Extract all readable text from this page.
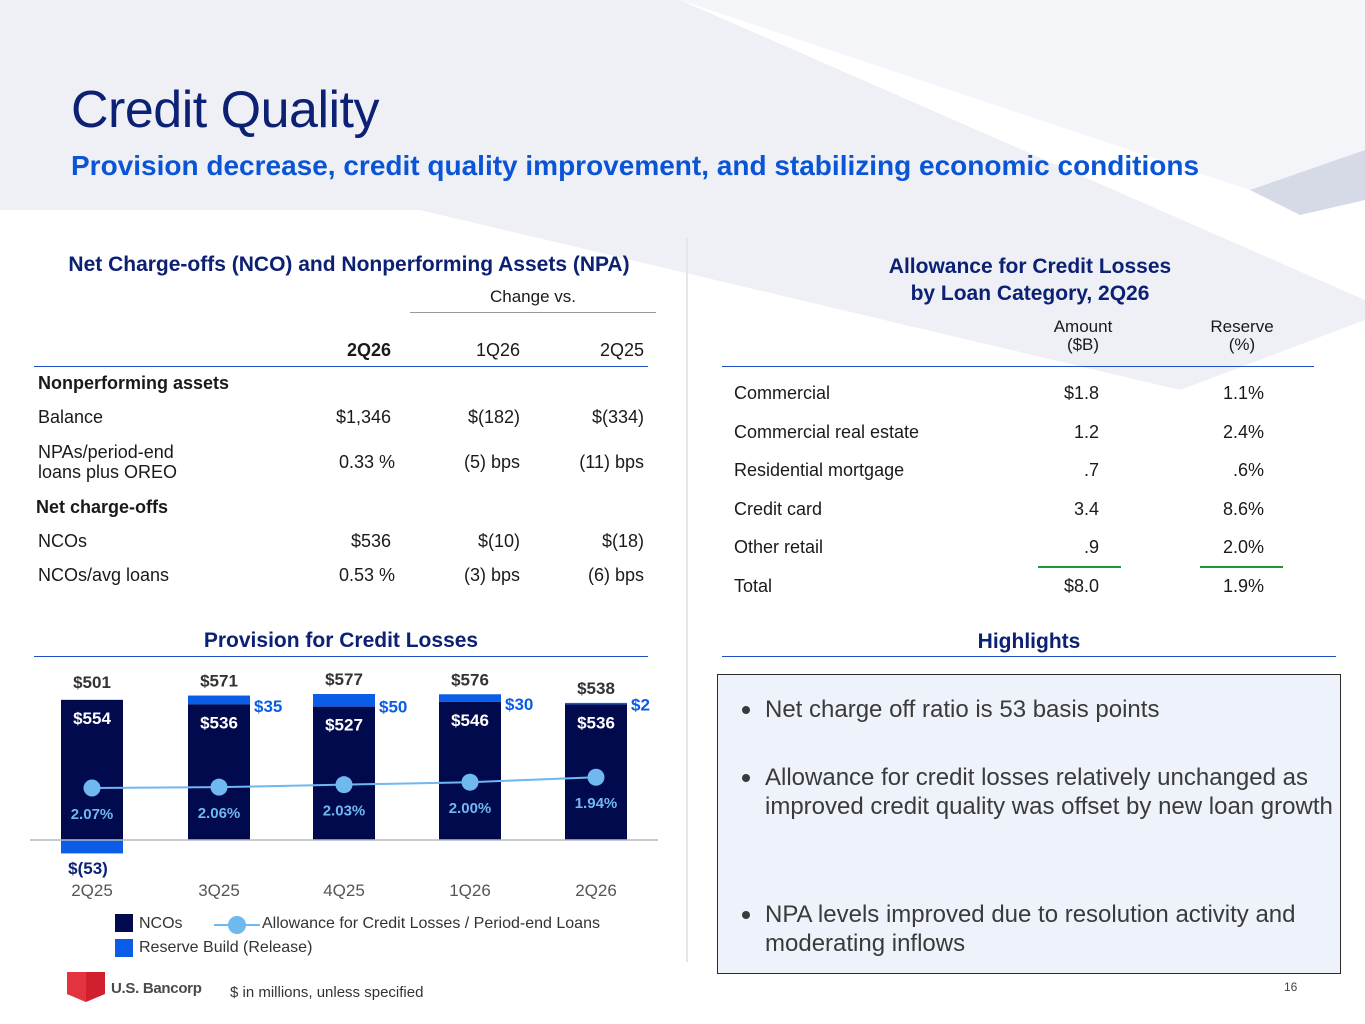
Credit Quality
Provision decrease, credit quality improvement, and stabilizing economic conditions
Net Charge-offs (NCO) and Nonperforming Assets (NPA)
Change vs.
2Q26	1Q26	2Q25
Nonperforming assets
Balance	$1,346	$(182)	$(334)
NPAs/period-end
loans plus OREO	0.33 %	(5) bps	(11) bps
Net charge-offs
NCOs	$536	$(10)	$(18)
NCOs/avg loans	0.53 %	(3) bps	(6) bps
Allowance for Credit Losses
by Loan Category, 2Q26
Amount
($B)
Reserve
(%)
Commercial	$1.8	1.1%
Commercial real estate	1.2	2.4%
Residential mortgage	.7	.6%
Credit card	3.4	8.6%
Other retail	.9	2.0%
Total	$8.0	1.9%
Provision for Credit Losses
$554
$501
$(53)
2Q25
$536
$571
$35
3Q25
$527
$577
$50
4Q25
$546
$576
$30
1Q26
$536
$538
$2
2Q26
2.07%	2.06%	2.03%	2.00%	1.94%
NCOs	Allowance for Credit Losses / Period-end Loans
Reserve Build (Release)
Highlights
Net charge off ratio is 53 basis points
Allowance for credit losses relatively unchanged as improved credit quality was offset by new loan growth
NPA levels improved due to resolution activity and moderating inflows
U.S. Bancorp $ in millions, unless specified	16
